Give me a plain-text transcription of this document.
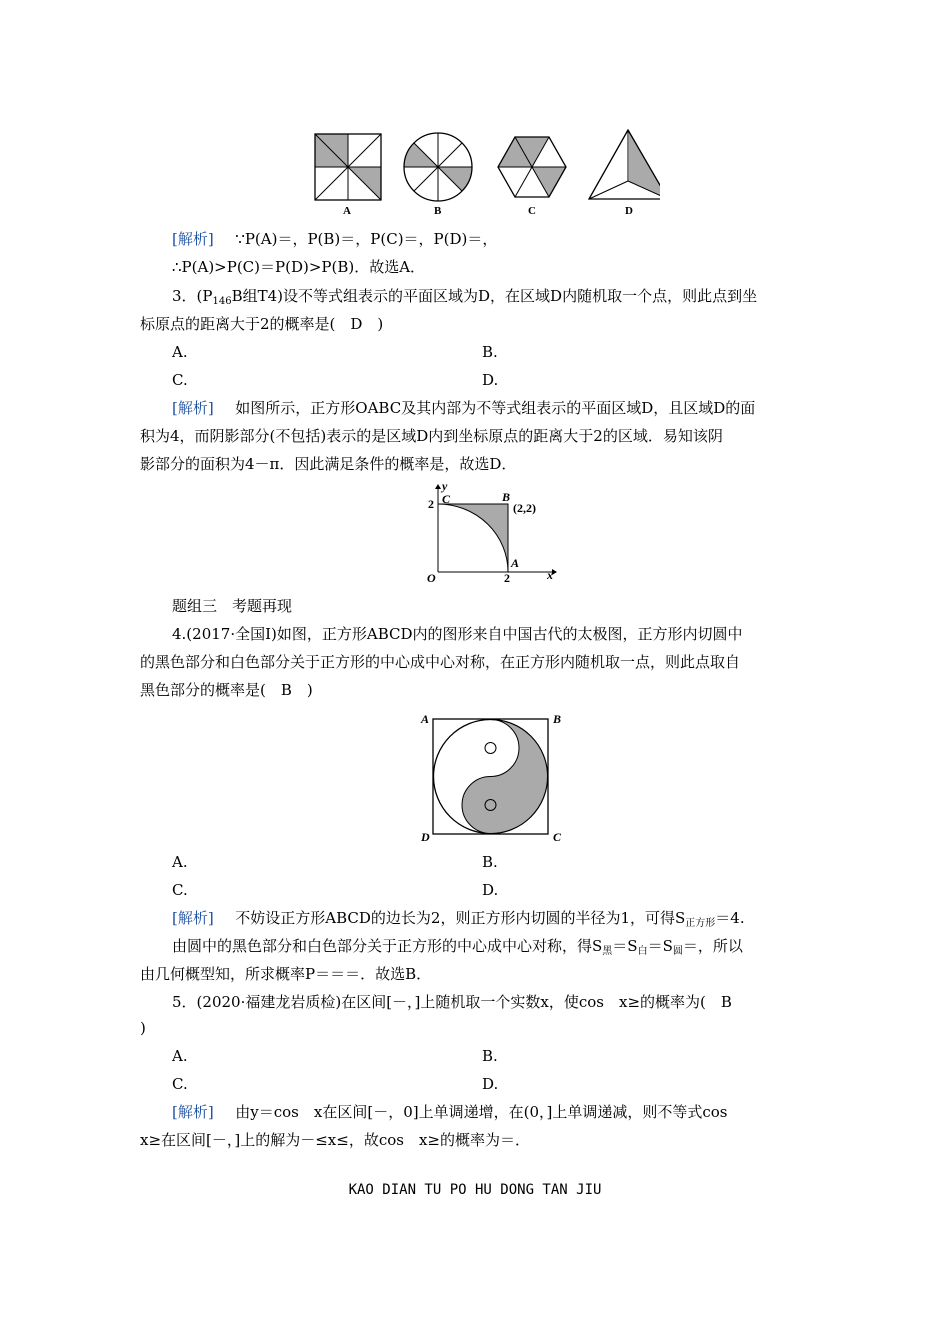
A	B	C	D
[解析] ∵P(A)＝，P(B)＝，P(C)＝，P(D)＝，
∴P(A)>P(C)＝P(D)>P(B)．故选A．
3．($P_{146}B$组T4)设不等式组表示的平面区域为D，在区域D内随机取一个点，则此点到坐
标原点的距离大于2的概率是(　D　)
A.	B.
C.	D.
[解析] 如图所示，正方形OABC及其内部为不等式组表示的平面区域D，且区域D的面
积为4，而阴影部分(不包括)表示的是区域D内到坐标原点的距离大于2的区域．易知该阴
影部分的面积为4－π．因此满足条件的概率是，故选D．
y
x
O
2
2
C	B
(2,2)
A
题组三　考题再现
4.(2017·全国Ⅰ)如图，正方形ABCD内的图形来自中国古代的太极图，正方形内切圆中
的黑色部分和白色部分关于正方形的中心成中心对称，在正方形内随机取一点，则此点取自
黑色部分的概率是(　B　)
A	B
D	C
A.	B.
C.	D.
[解析] 不妨设正方形ABCD的边长为2，则正方形内切圆的半径为1，可得$S_{正方形}=4$.
由圆中的黑色部分和白色部分关于正方形的中心成中心对称，得$S_黑=S_白=S_圆=$，所以
由几何概型知，所求概率P＝＝＝．故选B．
5．(2020·福建龙岩质检)在区间[－，]上随机取一个实数x，使cos　x≥的概率为(　B
)
A.	B.
C.	D.
[解析] 由y＝cos　x在区间[－，0]上单调递增，在(0，]上单调递减，则不等式cos
x≥在区间[－，]上的解为－≤x≤，故cos　x≥的概率为＝．
KAO DIAN TU PO HU DONG TAN JIU
